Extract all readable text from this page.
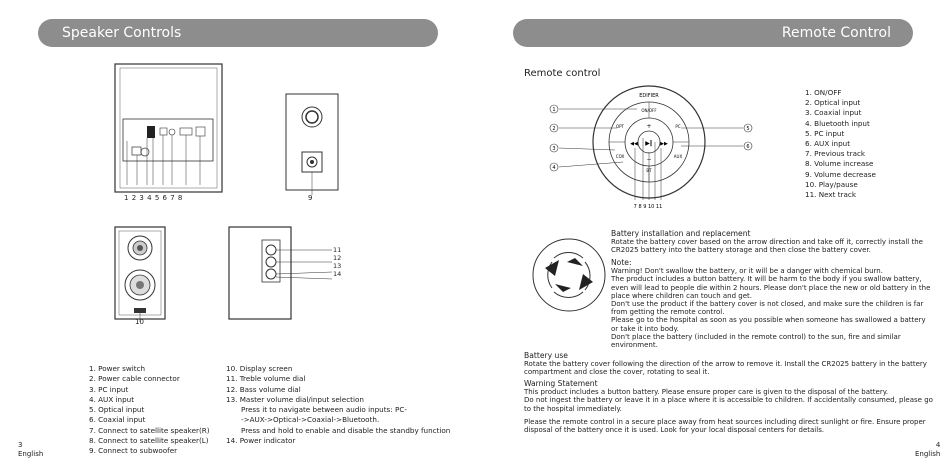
Speaker Controls
1 2 3 4 5 6 7 8	9
10
11
12
13
14
1. Power switch
2. Power cable connector
3. PC input
4. AUX input
5. Optical input
6. Coaxial input
7. Connect to satellite speaker(R)
8. Connect to satellite speaker(L)
9. Connect to subwoofer
10. Display screen
11. Treble volume dial
12. Bass volume dial
13. Master volume dial/input selection
Press it to navigate between audio inputs: PC-
->AUX->Optical->Coaxial->Bluetooth.
Press and hold to enable and disable the standby function
14. Power indicator
3
English
Remote Control
Remote control
EDIFIER
ON/OFF
OPT
COX
PC
AUX
BT
▶‖
+
−
◀◀	▶▶
1
2
3
4
5
6
7 8 9 10 11
1. ON/OFF
2. Optical input
3. Coaxial input
4. Bluetooth input
5. PC input
6. AUX input
7. Previous track
8. Volume increase
9. Volume decrease
10. Play/pause
11. Next track

Battery installation and replacement

Rotate the battery cover based on the arrow direction and take off it, correctly install the CR2025 battery into the battery storage and then close the battery cover.

Note:

Warning! Don't swallow the battery, or it will be a danger with chemical burn.

The product includes a button battery. It will be harm to the body if you swallow battery, even will lead to people die within 2 hours. Please don't place the new or old battery in the place where children can touch and get.

Don't use the product if the battery cover is not closed, and make sure the children is far from getting the remote control.

Please go to the hospital as soon as you possible when someone has swallowed a battery or take it into body.

Don't place the battery (included in the remote control) to the sun, fire and similar environment.

Battery use

Rotate the battery cover following the direction of the arrow to remove it. Install the CR2025 battery in the battery compartment and close the cover, rotating to seal it.

Warning Statement

This product includes a button battery. Please ensure proper care is given to the disposal of the battery.

Do not ingest the battery or leave it in a place where it is accessible to children. If accidentally consumed, please go to the hospital immediately.

Please the remote control in a secure place away from heat sources including direct sunlight or fire. Ensure proper disposal of the battery once it is used. Look for your local disposal centers for details.
4
English
